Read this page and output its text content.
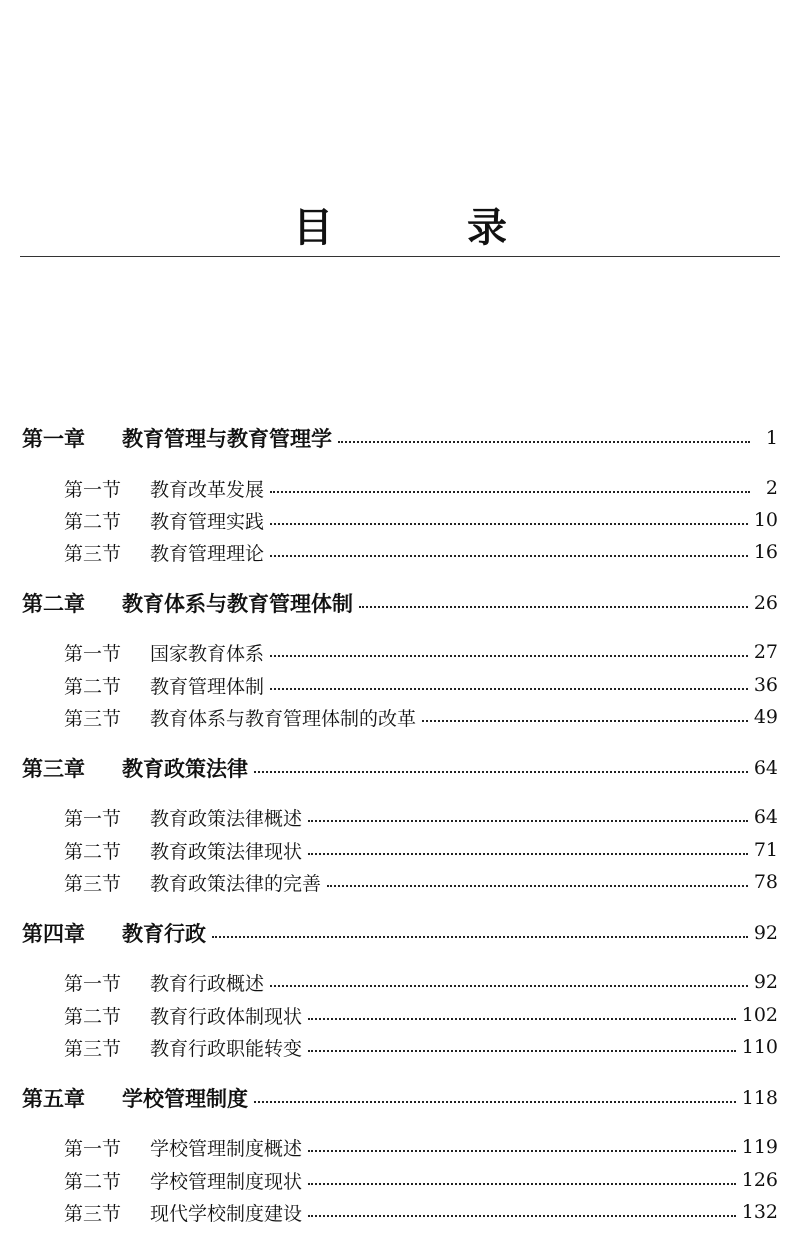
目 录
第一章	教育管理与教育管理学	1
第一节	教育改革发展	2
第二节	教育管理实践	10
第三节	教育管理理论	16
第二章	教育体系与教育管理体制	26
第一节	国家教育体系	27
第二节	教育管理体制	36
第三节	教育体系与教育管理体制的改革	49
第三章	教育政策法律	64
第一节	教育政策法律概述	64
第二节	教育政策法律现状	71
第三节	教育政策法律的完善	78
第四章	教育行政	92
第一节	教育行政概述	92
第二节	教育行政体制现状	102
第三节	教育行政职能转变	110
第五章	学校管理制度	118
第一节	学校管理制度概述	119
第二节	学校管理制度现状	126
第三节	现代学校制度建设	132
